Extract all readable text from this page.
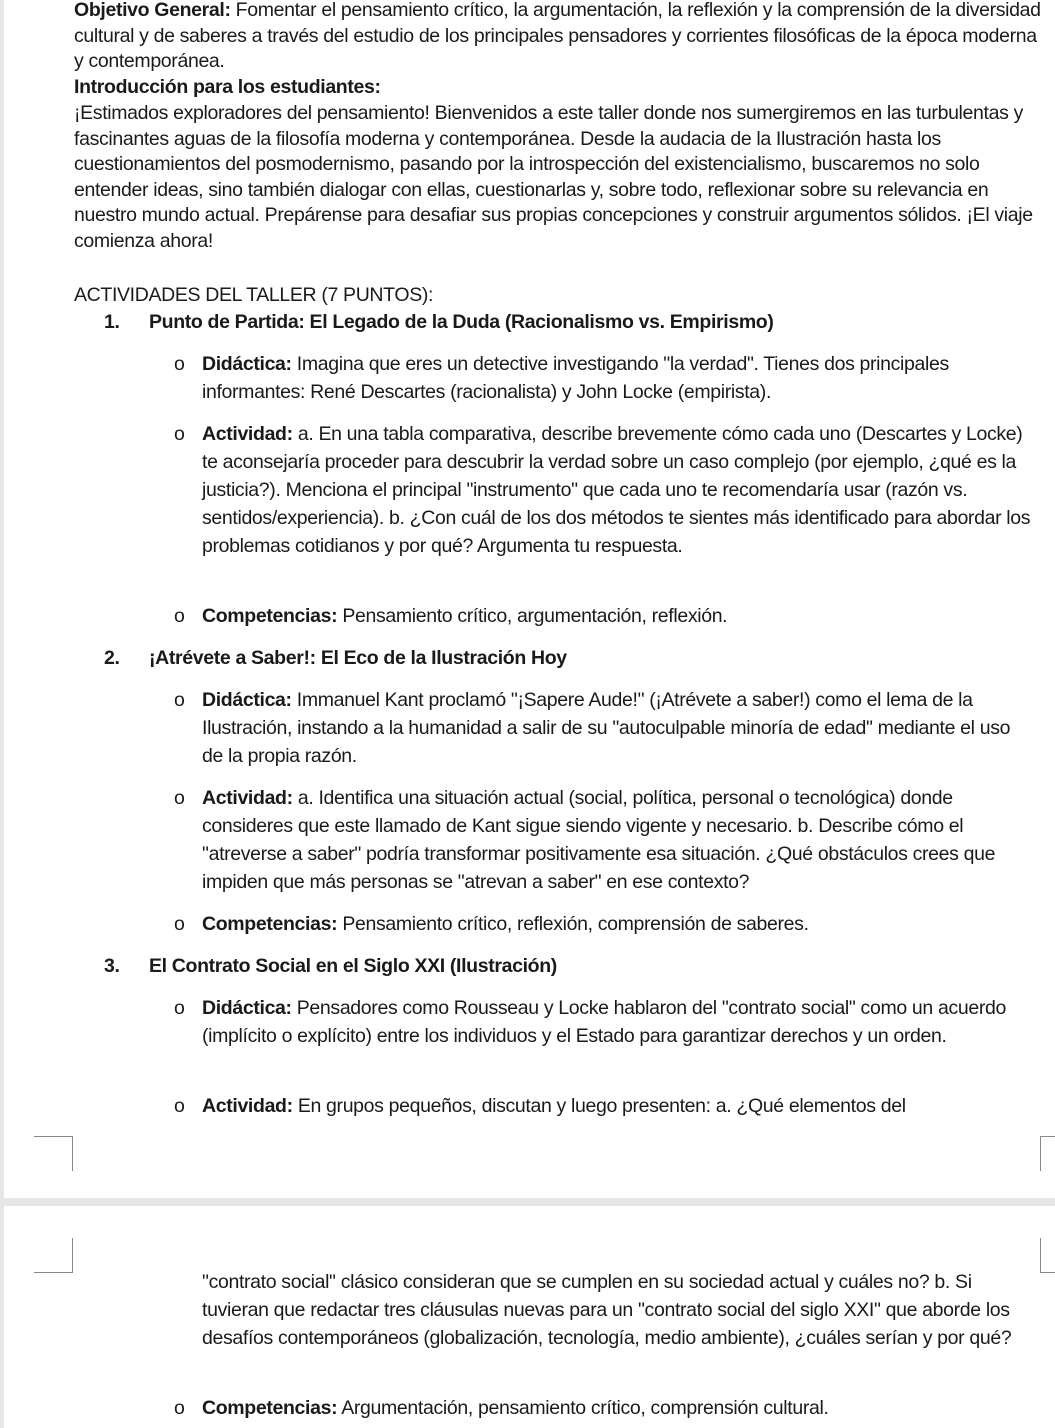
Objetivo General: Fomentar el pensamiento crítico, la argumentación, la reflexión y la comprensión de la diversidad cultural y de saberes a través del estudio de los principales pensadores y corrientes filosóficas de la época moderna y contemporánea.

Introducción para los estudiantes:

¡Estimados exploradores del pensamiento! Bienvenidos a este taller donde nos sumergiremos en las turbulentas y fascinantes aguas de la filosofía moderna y contemporánea. Desde la audacia de la Ilustración hasta los cuestionamientos del posmodernismo, pasando por la introspección del existencialismo, buscaremos no solo entender ideas, sino también dialogar con ellas, cuestionarlas y, sobre todo, reflexionar sobre su relevancia en nuestro mundo actual. Prepárense para desafiar sus propias concepciones y construir argumentos sólidos. ¡El viaje comienza ahora!

ACTIVIDADES DEL TALLER (7 PUNTOS):

1. Punto de Partida: El Legado de la Duda (Racionalismo vs. Empirismo)

o Didáctica: Imagina que eres un detective investigando "la verdad". Tienes dos principales informantes: René Descartes (racionalista) y John Locke (empirista).

o Actividad: a. En una tabla comparativa, describe brevemente cómo cada uno (Descartes y Locke) te aconsejaría proceder para descubrir la verdad sobre un caso complejo (por ejemplo, ¿qué es la justicia?). Menciona el principal "instrumento" que cada uno te recomendaría usar (razón vs. sentidos/experiencia). b. ¿Con cuál de los dos métodos te sientes más identificado para abordar los problemas cotidianos y por qué? Argumenta tu respuesta.

o Competencias: Pensamiento crítico, argumentación, reflexión.

2. ¡Atrévete a Saber!: El Eco de la Ilustración Hoy

o Didáctica: Immanuel Kant proclamó "¡Sapere Aude!" (¡Atrévete a saber!) como el lema de la Ilustración, instando a la humanidad a salir de su "autoculpable minoría de edad" mediante el uso de la propia razón.

o Actividad: a. Identifica una situación actual (social, política, personal o tecnológica) donde consideres que este llamado de Kant sigue siendo vigente y necesario. b. Describe cómo el "atreverse a saber" podría transformar positivamente esa situación. ¿Qué obstáculos crees que impiden que más personas se "atrevan a saber" en ese contexto?

o Competencias: Pensamiento crítico, reflexión, comprensión de saberes.

3. El Contrato Social en el Siglo XXI (Ilustración)

o Didáctica: Pensadores como Rousseau y Locke hablaron del "contrato social" como un acuerdo (implícito o explícito) entre los individuos y el Estado para garantizar derechos y un orden.

o Actividad: En grupos pequeños, discutan y luego presenten: a. ¿Qué elementos del

"contrato social" clásico consideran que se cumplen en su sociedad actual y cuáles no? b. Si tuvieran que redactar tres cláusulas nuevas para un "contrato social del siglo XXI" que aborde los desafíos contemporáneos (globalización, tecnología, medio ambiente), ¿cuáles serían y por qué?

o Competencias: Argumentación, pensamiento crítico, comprensión cultural.
